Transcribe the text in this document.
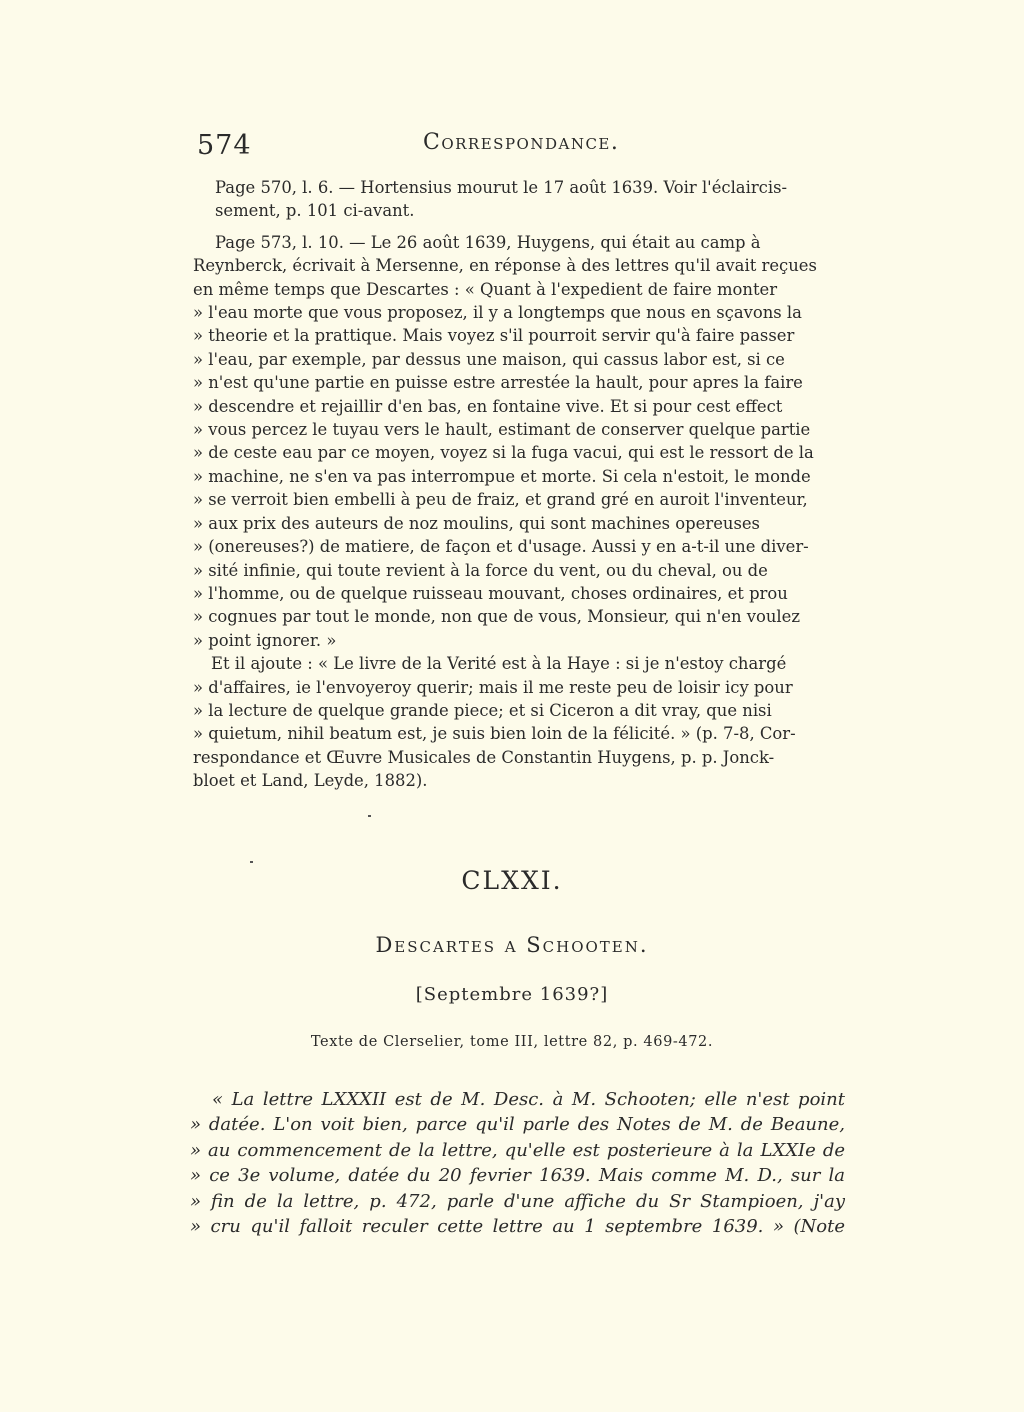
574	Correspondance.

Page 570, l. 6. — Hortensius mourut le 17 août 1639. Voir l'éclaircis-
sement, p. 101 ci-avant.

Page 573, l. 10. — Le 26 août 1639, Huygens, qui était au camp à
Reynberck, écrivait à Mersenne, en réponse à des lettres qu'il avait reçues
en même temps que Descartes : « Quant à l'expedient de faire monter
» l'eau morte que vous proposez, il y a longtemps que nous en sçavons la
» theorie et la prattique. Mais voyez s'il pourroit servir qu'à faire passer
» l'eau, par exemple, par dessus une maison, qui cassus labor est, si ce
» n'est qu'une partie en puisse estre arrestée la hault, pour apres la faire
» descendre et rejaillir d'en bas, en fontaine vive. Et si pour cest effect
» vous percez le tuyau vers le hault, estimant de conserver quelque partie
» de ceste eau par ce moyen, voyez si la fuga vacui, qui est le ressort de la
» machine, ne s'en va pas interrompue et morte. Si cela n'estoit, le monde
» se verroit bien embelli à peu de fraiz, et grand gré en auroit l'inventeur,
» aux prix des auteurs de noz moulins, qui sont machines opereuses
» (onereuses?) de matiere, de façon et d'usage. Aussi y en a-t-il une diver-
» sité infinie, qui toute revient à la force du vent, ou du cheval, ou de
» l'homme, ou de quelque ruisseau mouvant, choses ordinaires, et prou
» cognues par tout le monde, non que de vous, Monsieur, qui n'en voulez
» point ignorer. »

Et il ajoute : « Le livre de la Verité est à la Haye : si je n'estoy chargé
» d'affaires, ie l'envoyeroy querir; mais il me reste peu de loisir icy pour
» la lecture de quelque grande piece; et si Ciceron a dit vray, que nisi
» quietum, nihil beatum est, je suis bien loin de la félicité. » (p. 7-8, Cor-
respondance et Œuvre Musicales de Constantin Huygens, p. p. Jonck-
bloet et Land, Leyde, 1882).

CLXXI.
Descartes a Schooten.
[Septembre 1639?]
Texte de Clerselier, tome III, lettre 82, p. 469-472.
« La lettre LXXXII est de M. Desc. à M. Schooten; elle n'est point
» datée. L'on voit bien, parce qu'il parle des Notes de M. de Beaune,
» au commencement de la lettre, qu'elle est posterieure à la LXXIe de
» ce 3e volume, datée du 20 fevrier 1639. Mais comme M. D., sur la
» fin de la lettre, p. 472, parle d'une affiche du Sr Stampioen, j'ay
» cru qu'il falloit reculer cette lettre au 1 septembre 1639. » (Note
